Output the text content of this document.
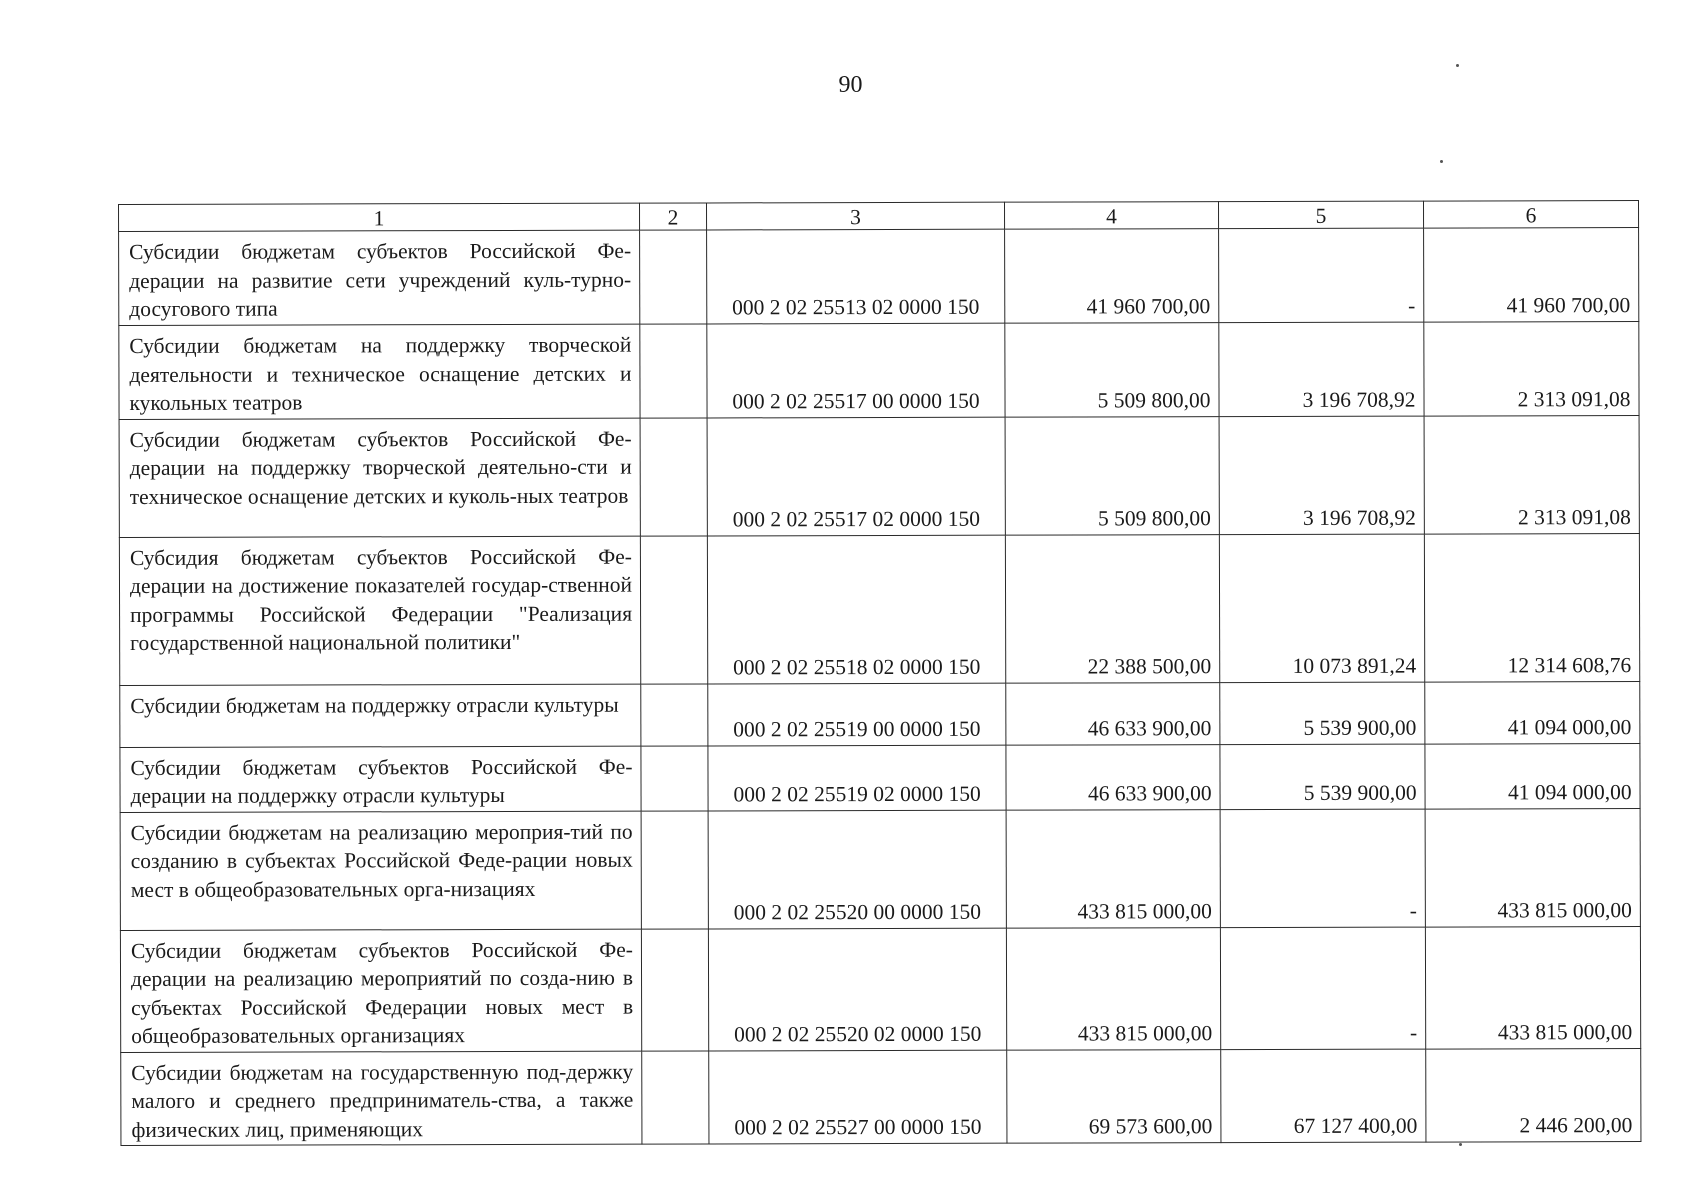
90
1	2	3	4	5	6
Субсидии бюджетам субъектов Российской Фе-дерации на развитие сети учреждений куль-турно-досугового типа		000 2 02 25513 02 0000 150	41 960 700,00	-	41 960 700,00
Субсидии бюджетам на поддержку творческой деятельности и техническое оснащение детских и кукольных театров		000 2 02 25517 00 0000 150	5 509 800,00	3 196 708,92	2 313 091,08
Субсидии бюджетам субъектов Российской Фе-дерации на поддержку творческой деятельно-сти и техническое оснащение детских и куколь-ных театров		000 2 02 25517 02 0000 150	5 509 800,00	3 196 708,92	2 313 091,08
Субсидия бюджетам субъектов Российской Фе-дерации на достижение показателей государ-ственной программы Российской Федерации "Реализация государственной национальной политики"		000 2 02 25518 02 0000 150	22 388 500,00	10 073 891,24	12 314 608,76
Субсидии бюджетам на поддержку отрасли культуры		000 2 02 25519 00 0000 150	46 633 900,00	5 539 900,00	41 094 000,00
Субсидии бюджетам субъектов Российской Фе-дерации на поддержку отрасли культуры		000 2 02 25519 02 0000 150	46 633 900,00	5 539 900,00	41 094 000,00
Субсидии бюджетам на реализацию мероприя-тий по созданию в субъектах Российской Феде-рации новых мест в общеобразовательных орга-низациях		000 2 02 25520 00 0000 150	433 815 000,00	-	433 815 000,00
Субсидии бюджетам субъектов Российской Фе-дерации на реализацию мероприятий по созда-нию в субъектах Российской Федерации новых мест в общеобразовательных организациях		000 2 02 25520 02 0000 150	433 815 000,00	-	433 815 000,00
Субсидии бюджетам на государственную под-держку малого и среднего предприниматель-ства, а также физических лиц, применяющих		000 2 02 25527 00 0000 150	69 573 600,00	67 127 400,00	2 446 200,00
